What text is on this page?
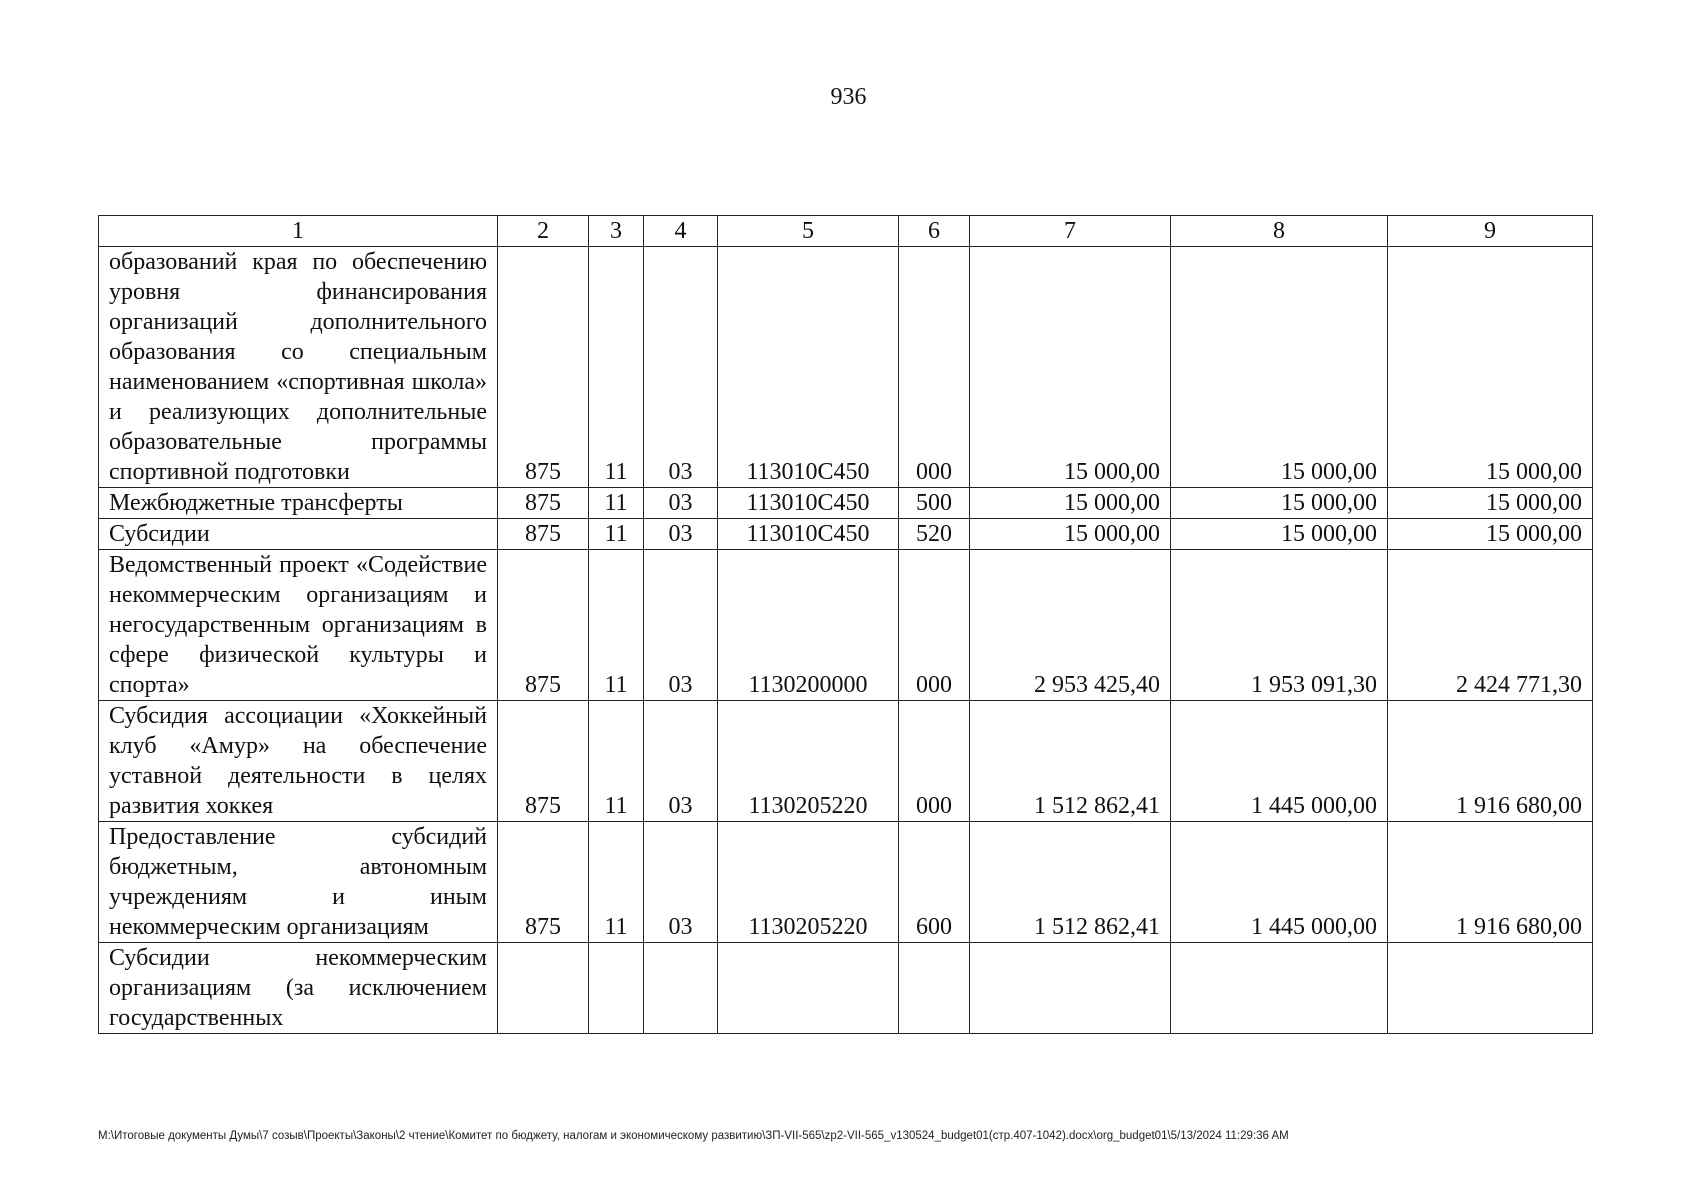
936
1	2	3	4	5	6	7	8	9
образований края по обеспечению уровня финансирования организаций дополнительного образования со специальным наименованием «спортивная школа» и реализующих дополнительные образовательные программы спортивной подготовки	875	11	03	113010С450	000	15 000,00	15 000,00	15 000,00
Межбюджетные трансферты	875	11	03	113010С450	500	15 000,00	15 000,00	15 000,00
Субсидии	875	11	03	113010С450	520	15 000,00	15 000,00	15 000,00
Ведомственный проект «Содействие некоммерческим организациям и негосударственным организациям в сфере физической культуры и спорта»	875	11	03	1130200000	000	2 953 425,40	1 953 091,30	2 424 771,30
Субсидия ассоциации «Хоккейный клуб «Амур» на обеспечение уставной деятельности в целях развития хоккея	875	11	03	1130205220	000	1 512 862,41	1 445 000,00	1 916 680,00
Предоставление субсидий бюджетным, автономным учреждениям и иным некоммерческим организациям	875	11	03	1130205220	600	1 512 862,41	1 445 000,00	1 916 680,00
Субсидии некоммерческим организациям (за исключением государственных								
M:\Итоговые документы Думы\7 созыв\Проекты\Законы\2 чтение\Комитет по бюджету, налогам и экономическому развитию\ЗП-VII-565\zp2-VII-565_v130524_budget01(стр.407-1042).docx\org_budget01\5/13/2024 11:29:36 AM
